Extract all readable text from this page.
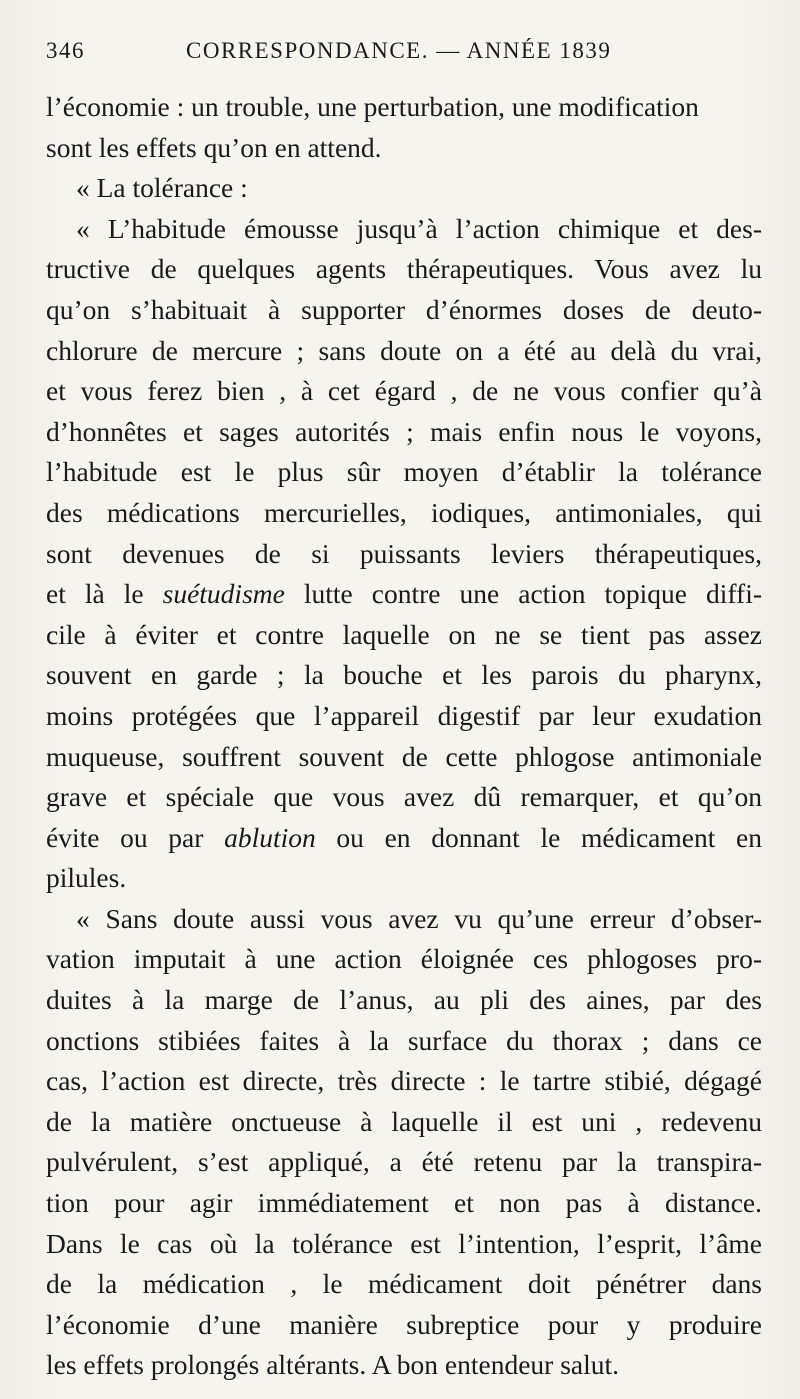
346	CORRESPONDANCE. — ANNÉE 1839
l’économie : un trouble, une perturbation, une modification
sont les effets qu’on en attend.
« La tolérance :
« L’habitude émousse jusqu’à l’action chimique et des-
tructive de quelques agents thérapeutiques. Vous avez lu
qu’on s’habituait à supporter d’énormes doses de deuto-
chlorure de mercure ; sans doute on a été au delà du vrai,
et vous ferez bien , à cet égard , de ne vous confier qu’à
d’honnêtes et sages autorités ; mais enfin nous le voyons,
l’habitude est le plus sûr moyen d’établir la tolérance
des médications mercurielles, iodiques, antimoniales, qui
sont devenues de si puissants leviers thérapeutiques,
et là le suétudisme lutte contre une action topique diffi-
cile à éviter et contre laquelle on ne se tient pas assez
souvent en garde ; la bouche et les parois du pharynx,
moins protégées que l’appareil digestif par leur exudation
muqueuse, souffrent souvent de cette phlogose antimoniale
grave et spéciale que vous avez dû remarquer, et qu’on
évite ou par ablution ou en donnant le médicament en
pilules.
« Sans doute aussi vous avez vu qu’une erreur d’obser-
vation imputait à une action éloignée ces phlogoses pro-
duites à la marge de l’anus, au pli des aines, par des
onctions stibiées faites à la surface du thorax ; dans ce
cas, l’action est directe, très directe : le tartre stibié, dégagé
de la matière onctueuse à laquelle il est uni , redevenu
pulvérulent, s’est appliqué, a été retenu par la transpira-
tion pour agir immédiatement et non pas à distance.
Dans le cas où la tolérance est l’intention, l’esprit, l’âme
de la médication , le médicament doit pénétrer dans
l’économie d’une manière subreptice pour y produire
les effets prolongés altérants. A bon entendeur salut.
